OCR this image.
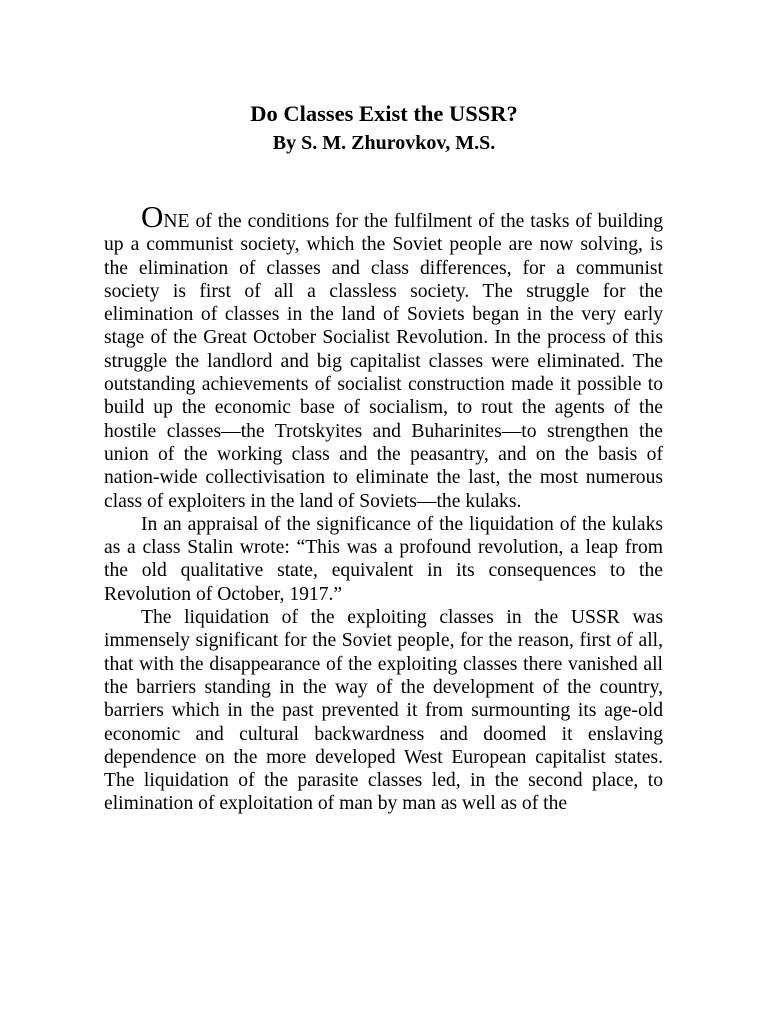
Do Classes Exist the USSR?
By S. M. Zhurovkov, M.S.

ONE of the conditions for the fulfilment of the tasks of building up a communist society, which the Soviet people are now solving, is the elimination of classes and class differences, for a communist society is first of all a classless society. The struggle for the elimination of classes in the land of Soviets began in the very early stage of the Great October Socialist Revolution. In the process of this struggle the landlord and big capitalist classes were eliminated. The outstanding achievements of socialist construction made it possible to build up the economic base of socialism, to rout the agents of the hostile classes—the Trotskyites and Buharinites—to strengthen the union of the working class and the peasantry, and on the basis of nation-wide collectivisation to eliminate the last, the most numerous class of exploiters in the land of Soviets—the kulaks.

In an appraisal of the significance of the liquidation of the kulaks as a class Stalin wrote: “This was a profound revolution, a leap from the old qualitative state, equivalent in its consequences to the Revolution of October, 1917.”

The liquidation of the exploiting classes in the USSR was immensely significant for the Soviet people, for the reason, first of all, that with the disappearance of the exploiting classes there vanished all the barriers standing in the way of the development of the country, barriers which in the past prevented it from surmounting its age-old economic and cultural backwardness and doomed it enslaving dependence on the more developed West European capitalist states. The liquidation of the parasite classes led, in the second place, to elimination of exploitation of man by man as well as of the
